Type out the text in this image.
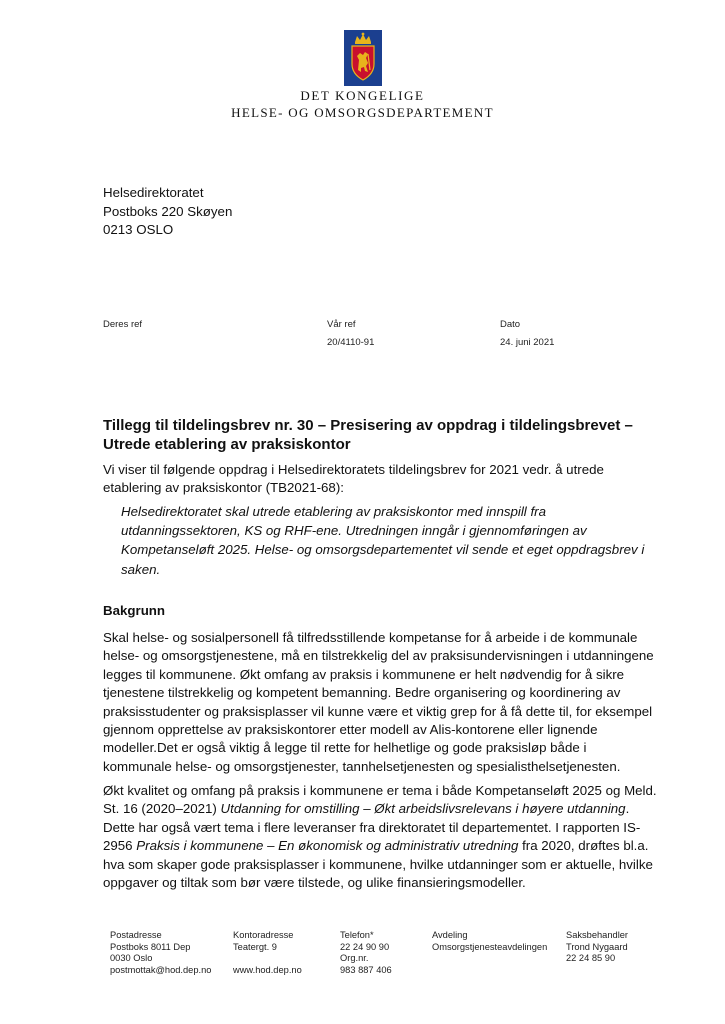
DET KONGELIGE
HELSE- OG OMSORGSDEPARTEMENT
Helsedirektoratet
Postboks 220 Skøyen
0213 OSLO
Deres ref	Vår ref
20/4110-91
Dato
24. juni 2021
Tillegg til tildelingsbrev nr. 30 – Presisering av oppdrag i tildelingsbrevet – Utrede etablering av praksiskontor

Vi viser til følgende oppdrag i Helsedirektoratets tildelingsbrev for 2021 vedr. å utrede etablering av praksiskontor (TB2021-68):

Helsedirektoratet skal utrede etablering av praksiskontor med innspill fra utdanningssektoren, KS og RHF-ene. Utredningen inngår i gjennomføringen av Kompetanseløft 2025. Helse- og omsorgsdepartementet vil sende et eget oppdragsbrev i saken.

Bakgrunn

Skal helse- og sosialpersonell få tilfredsstillende kompetanse for å arbeide i de kommunale helse- og omsorgstjenestene, må en tilstrekkelig del av praksisundervisningen i utdanningene legges til kommunene. Økt omfang av praksis i kommunene er helt nødvendig for å sikre tjenestene tilstrekkelig og kompetent bemanning. Bedre organisering og koordinering av praksisstudenter og praksisplasser vil kunne være et viktig grep for å få dette til, for eksempel gjennom opprettelse av praksiskontorer etter modell av Alis-kontorene eller lignende modeller.Det er også viktig å legge til rette for helhetlige og gode praksisløp både i kommunale helse- og omsorgstjenester, tannhelsetjenesten og spesialisthelsetjenesten.

Økt kvalitet og omfang på praksis i kommunene er tema i både Kompetanseløft 2025 og Meld. St. 16 (2020–2021) Utdanning for omstilling – Økt arbeidslivsrelevans i høyere utdanning. Dette har også vært tema i flere leveranser fra direktoratet til departementet. I rapporten IS-2956 Praksis i kommunene – En økonomisk og administrativ utredning fra 2020, drøftes bl.a. hva som skaper gode praksisplasser i kommunene, hvilke utdanninger som er aktuelle, hvilke oppgaver og tiltak som bør være tilstede, og ulike finansieringsmodeller.

Postadresse
Postboks 8011 Dep
0030 Oslo
postmottak@hod.dep.no
Kontoradresse
Teatergt. 9

www.hod.dep.no
Telefon*
22 24 90 90
Org.nr.
983 887 406
Avdeling
Omsorgstjenesteavdelingen
Saksbehandler
Trond Nygaard
22 24 85 90
